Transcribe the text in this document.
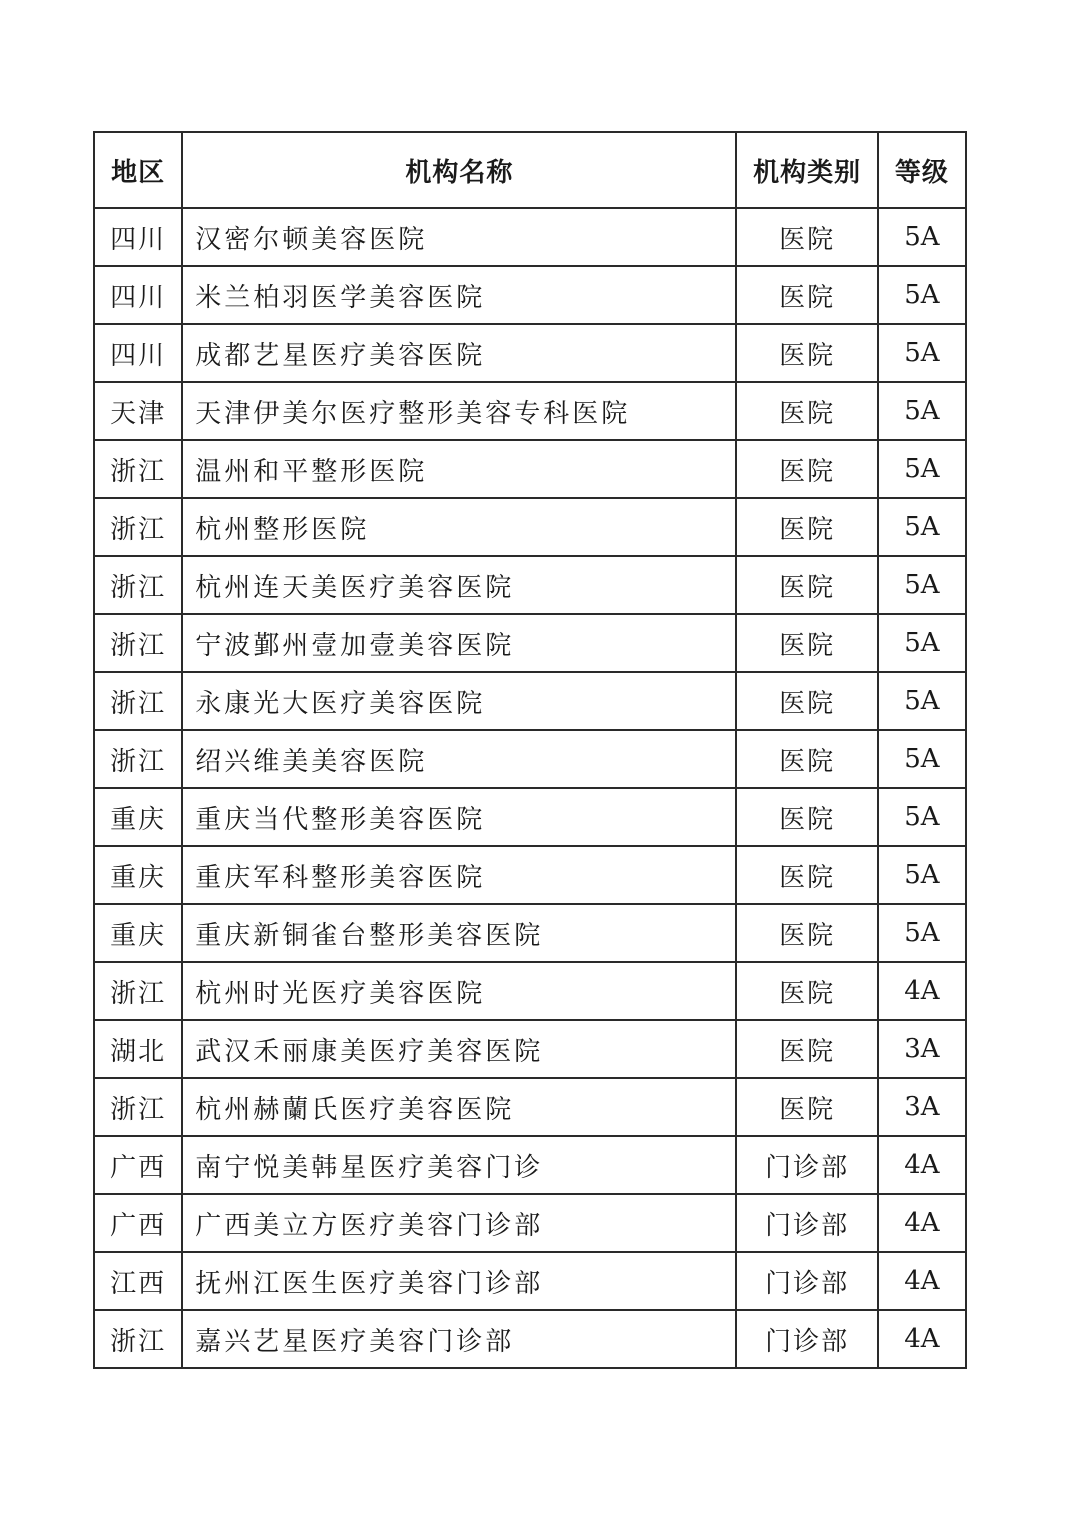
地区	机构名称	机构类别	等级
四川	汉密尔顿美容医院	医院	5A
四川	米兰柏羽医学美容医院	医院	5A
四川	成都艺星医疗美容医院	医院	5A
天津	天津伊美尔医疗整形美容专科医院	医院	5A
浙江	温州和平整形医院	医院	5A
浙江	杭州整形医院	医院	5A
浙江	杭州连天美医疗美容医院	医院	5A
浙江	宁波鄞州壹加壹美容医院	医院	5A
浙江	永康光大医疗美容医院	医院	5A
浙江	绍兴维美美容医院	医院	5A
重庆	重庆当代整形美容医院	医院	5A
重庆	重庆军科整形美容医院	医院	5A
重庆	重庆新铜雀台整形美容医院	医院	5A
浙江	杭州时光医疗美容医院	医院	4A
湖北	武汉禾丽康美医疗美容医院	医院	3A
浙江	杭州赫蘭氏医疗美容医院	医院	3A
广西	南宁悦美韩星医疗美容门诊	门诊部	4A
广西	广西美立方医疗美容门诊部	门诊部	4A
江西	抚州江医生医疗美容门诊部	门诊部	4A
浙江	嘉兴艺星医疗美容门诊部	门诊部	4A
